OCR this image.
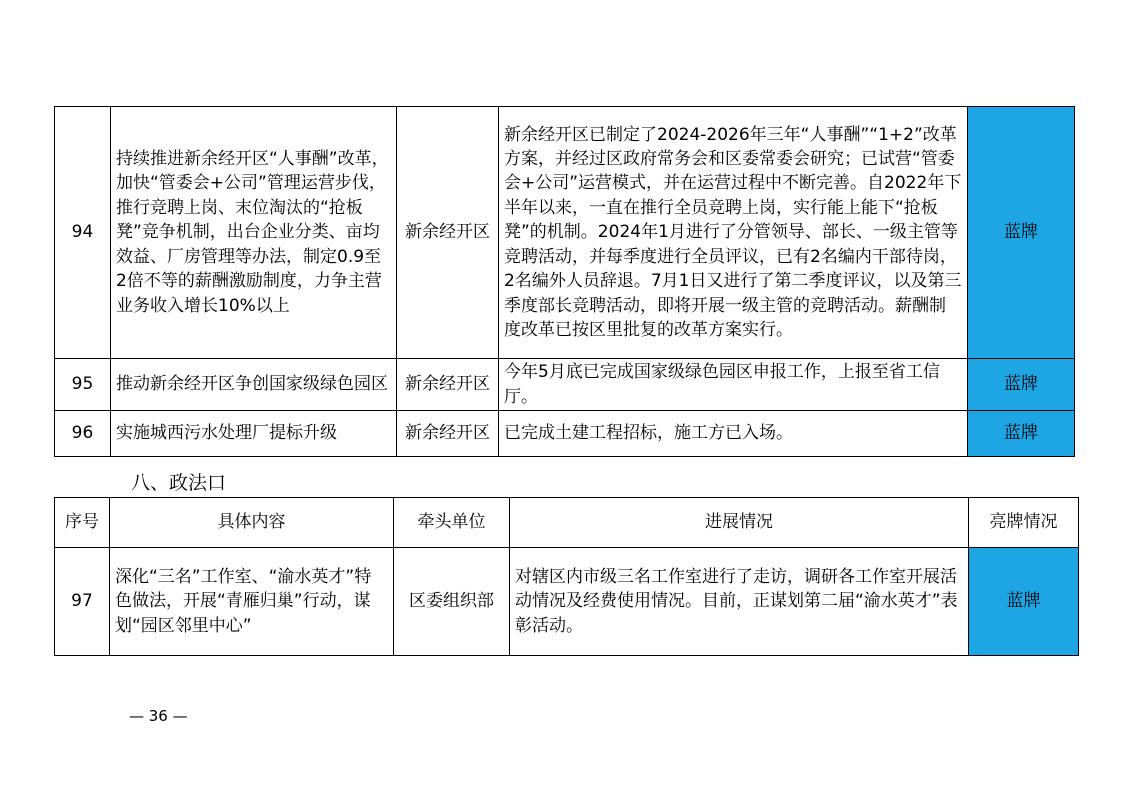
94	持续推进新余经开区“人事酬”改革，加快“管委会+公司”管理运营步伐，推行竞聘上岗、末位淘汰的“抢板凳”竞争机制，出台企业分类、亩均效益、厂房管理等办法，制定0.9至2倍不等的薪酬激励制度，力争主营业务收入增长10%以上	新余经开区	新余经开区已制定了2024-2026年三年“人事酬”“1+2”改革方案，并经过区政府常务会和区委常委会研究；已试营“管委会+公司”运营模式，并在运营过程中不断完善。自2022年下半年以来，一直在推行全员竞聘上岗，实行能上能下“抢板凳”的机制。2024年1月进行了分管领导、部长、一级主管等竞聘活动，并每季度进行全员评议，已有2名编内干部待岗，2名编外人员辞退。7月1日又进行了第二季度评议，以及第三季度部长竞聘活动，即将开展一级主管的竞聘活动。薪酬制度改革已按区里批复的改革方案实行。	蓝牌
95	推动新余经开区争创国家级绿色园区	新余经开区	今年5月底已完成国家级绿色园区申报工作，上报至省工信厅。	蓝牌
96	实施城西污水处理厂提标升级	新余经开区	已完成土建工程招标，施工方已入场。	蓝牌
八、政法口
序号	具体内容	牵头单位	进展情况	亮牌情况
97	深化“三名”工作室、“渝水英才”特色做法，开展“青雁归巢”行动，谋划“园区邻里中心”	区委组织部	对辖区内市级三名工作室进行了走访，调研各工作室开展活动情况及经费使用情况。目前，正谋划第二届“渝水英才”表彰活动。	蓝牌
— 36 —
